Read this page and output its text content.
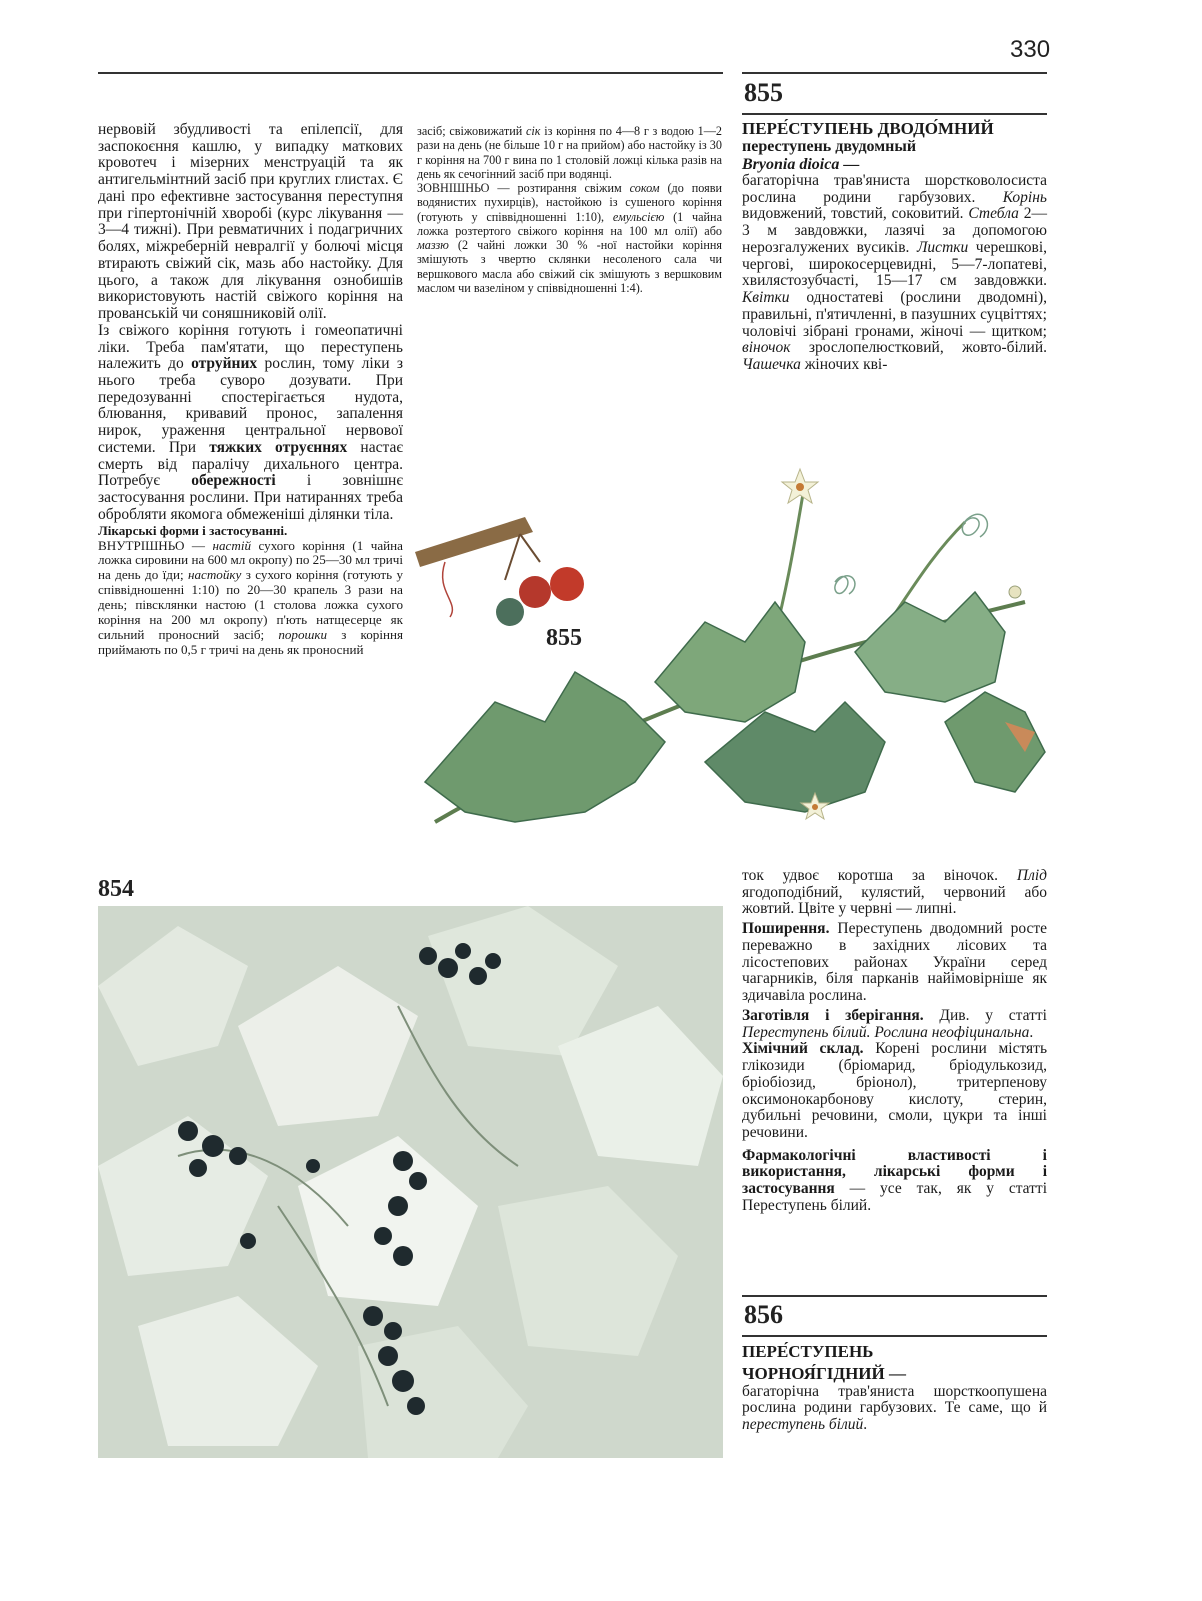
330
855

нервовій збудливості та епілепсії, для заспокоєння кашлю, у випадку маткових кровотеч і мізерних менструацій та як антигельмінтний засіб при круглих глистах. Є дані про ефективне застосування переступня при гіпертонічній хворобі (курс лікування — 3—4 тижні). При ревматичних і подагричних болях, міжреберній невралгії у болючі місця втирають свіжий сік, мазь або настойку. Для цього, а також для лікування ознобишів використовують настій свіжого коріння на прованській чи соняшниковій олії.

Із свіжого коріння готують і гомеопатичні ліки. Треба пам'ятати, що переступень належить до отруйних рослин, тому ліки з нього треба суворо дозувати. При передозуванні спостерігається нудота, блювання, кривавий пронос, запалення нирок, ураження центральної нервової системи. При тяжких отруєннях настає смерть від паралічу дихального центра. Потребує обережності і зовнішнє застосування рослини. При натираннях треба обробляти якомога обмеженіші ділянки тіла.

Лікарські форми і застосуванні.
ВНУТРІШНЬО — настій сухого коріння (1 чайна ложка сировини на 600 мл окропу) по 25—30 мл тричі на день до їди; настойку з сухого коріння (готують у співвідношенні 1:10) по 20—30 крапель 3 рази на день; півсклянки настою (1 столова ложка сухого коріння на 200 мл окропу) п'ють натщесерце як сильний проносний засіб; порошки з коріння приймають по 0,5 г тричі на день як проносний

засіб; свіжовижатий сік із коріння по 4—8 г з водою 1—2 рази на день (не більше 10 г на прийом) або настойку із 30 г коріння на 700 г вина по 1 столовій ложці кілька разів на день як сечогінний засіб при водянці.

ЗОВНІШНЬО — розтирання свіжим соком (до появи водянистих пухирців), настойкою із сушеного коріння (готують у співвідношенні 1:10), емульсією (1 чайна ложка розтертого свіжого коріння на 100 мл олії) або маззю (2 чайні ложки 30 % -ної настойки коріння змішують з чвертю склянки несоленого сала чи вершкового масла або свіжий сік змішують з вершковим маслом чи вазеліном у співвідношенні 1:4).

ПЕРЕ́СТУПЕНЬ ДВОДО́МНИЙ
переступень двудомный
Bryonia dioica —

багаторічна трав'яниста шорстковолосиста рослина родини гарбузових. Корінь видовжений, товстий, соковитий. Стебла 2—3 м завдовжки, лазячі за допомогою нерозгалужених вусиків. Листки черешкові, чергові, широкосерцевидні, 5—7-лопатеві, хвилястозубчасті, 15—17 см завдовжки. Квітки одностатеві (рослини дводомні), правильні, п'ятичленні, в пазушних суцвіттях; чоловічі зібрані гронами, жіночі — щитком; віночок зрослопелюстковий, жовто-білий. Чашечка жіночих кві-

855

ток удвоє коротша за віночок. Плід ягодоподібний, кулястий, червоний або жовтий. Цвіте у червні — липні.

Поширення. Переступень дводомний росте переважно в західних лісових та лісостепових районах України серед чагарників, біля парканів найімовірніше як здичавіла рослина.

Заготівля і зберігання. Див. у статті Переступень білий. Рослина неофіцинальна.

Хімічний склад. Корені рослини містять глікозиди (бріомарид, бріодулькозид, бріобіозид, бріонол), тритерпенову оксимонокарбонову кислоту, стерин, дубильні речовини, смоли, цукри та інші речовини.

Фармакологічні властивості і використання, лікарські форми і застосування — усе так, як у статті Переступень білий.

856
ПЕРЕ́СТУПЕНЬ
ЧОРНОЯ́ГІДНИЙ —

багаторічна трав'яниста шорсткоопушена рослина родини гарбузових. Те саме, що й переступень білий.

854
